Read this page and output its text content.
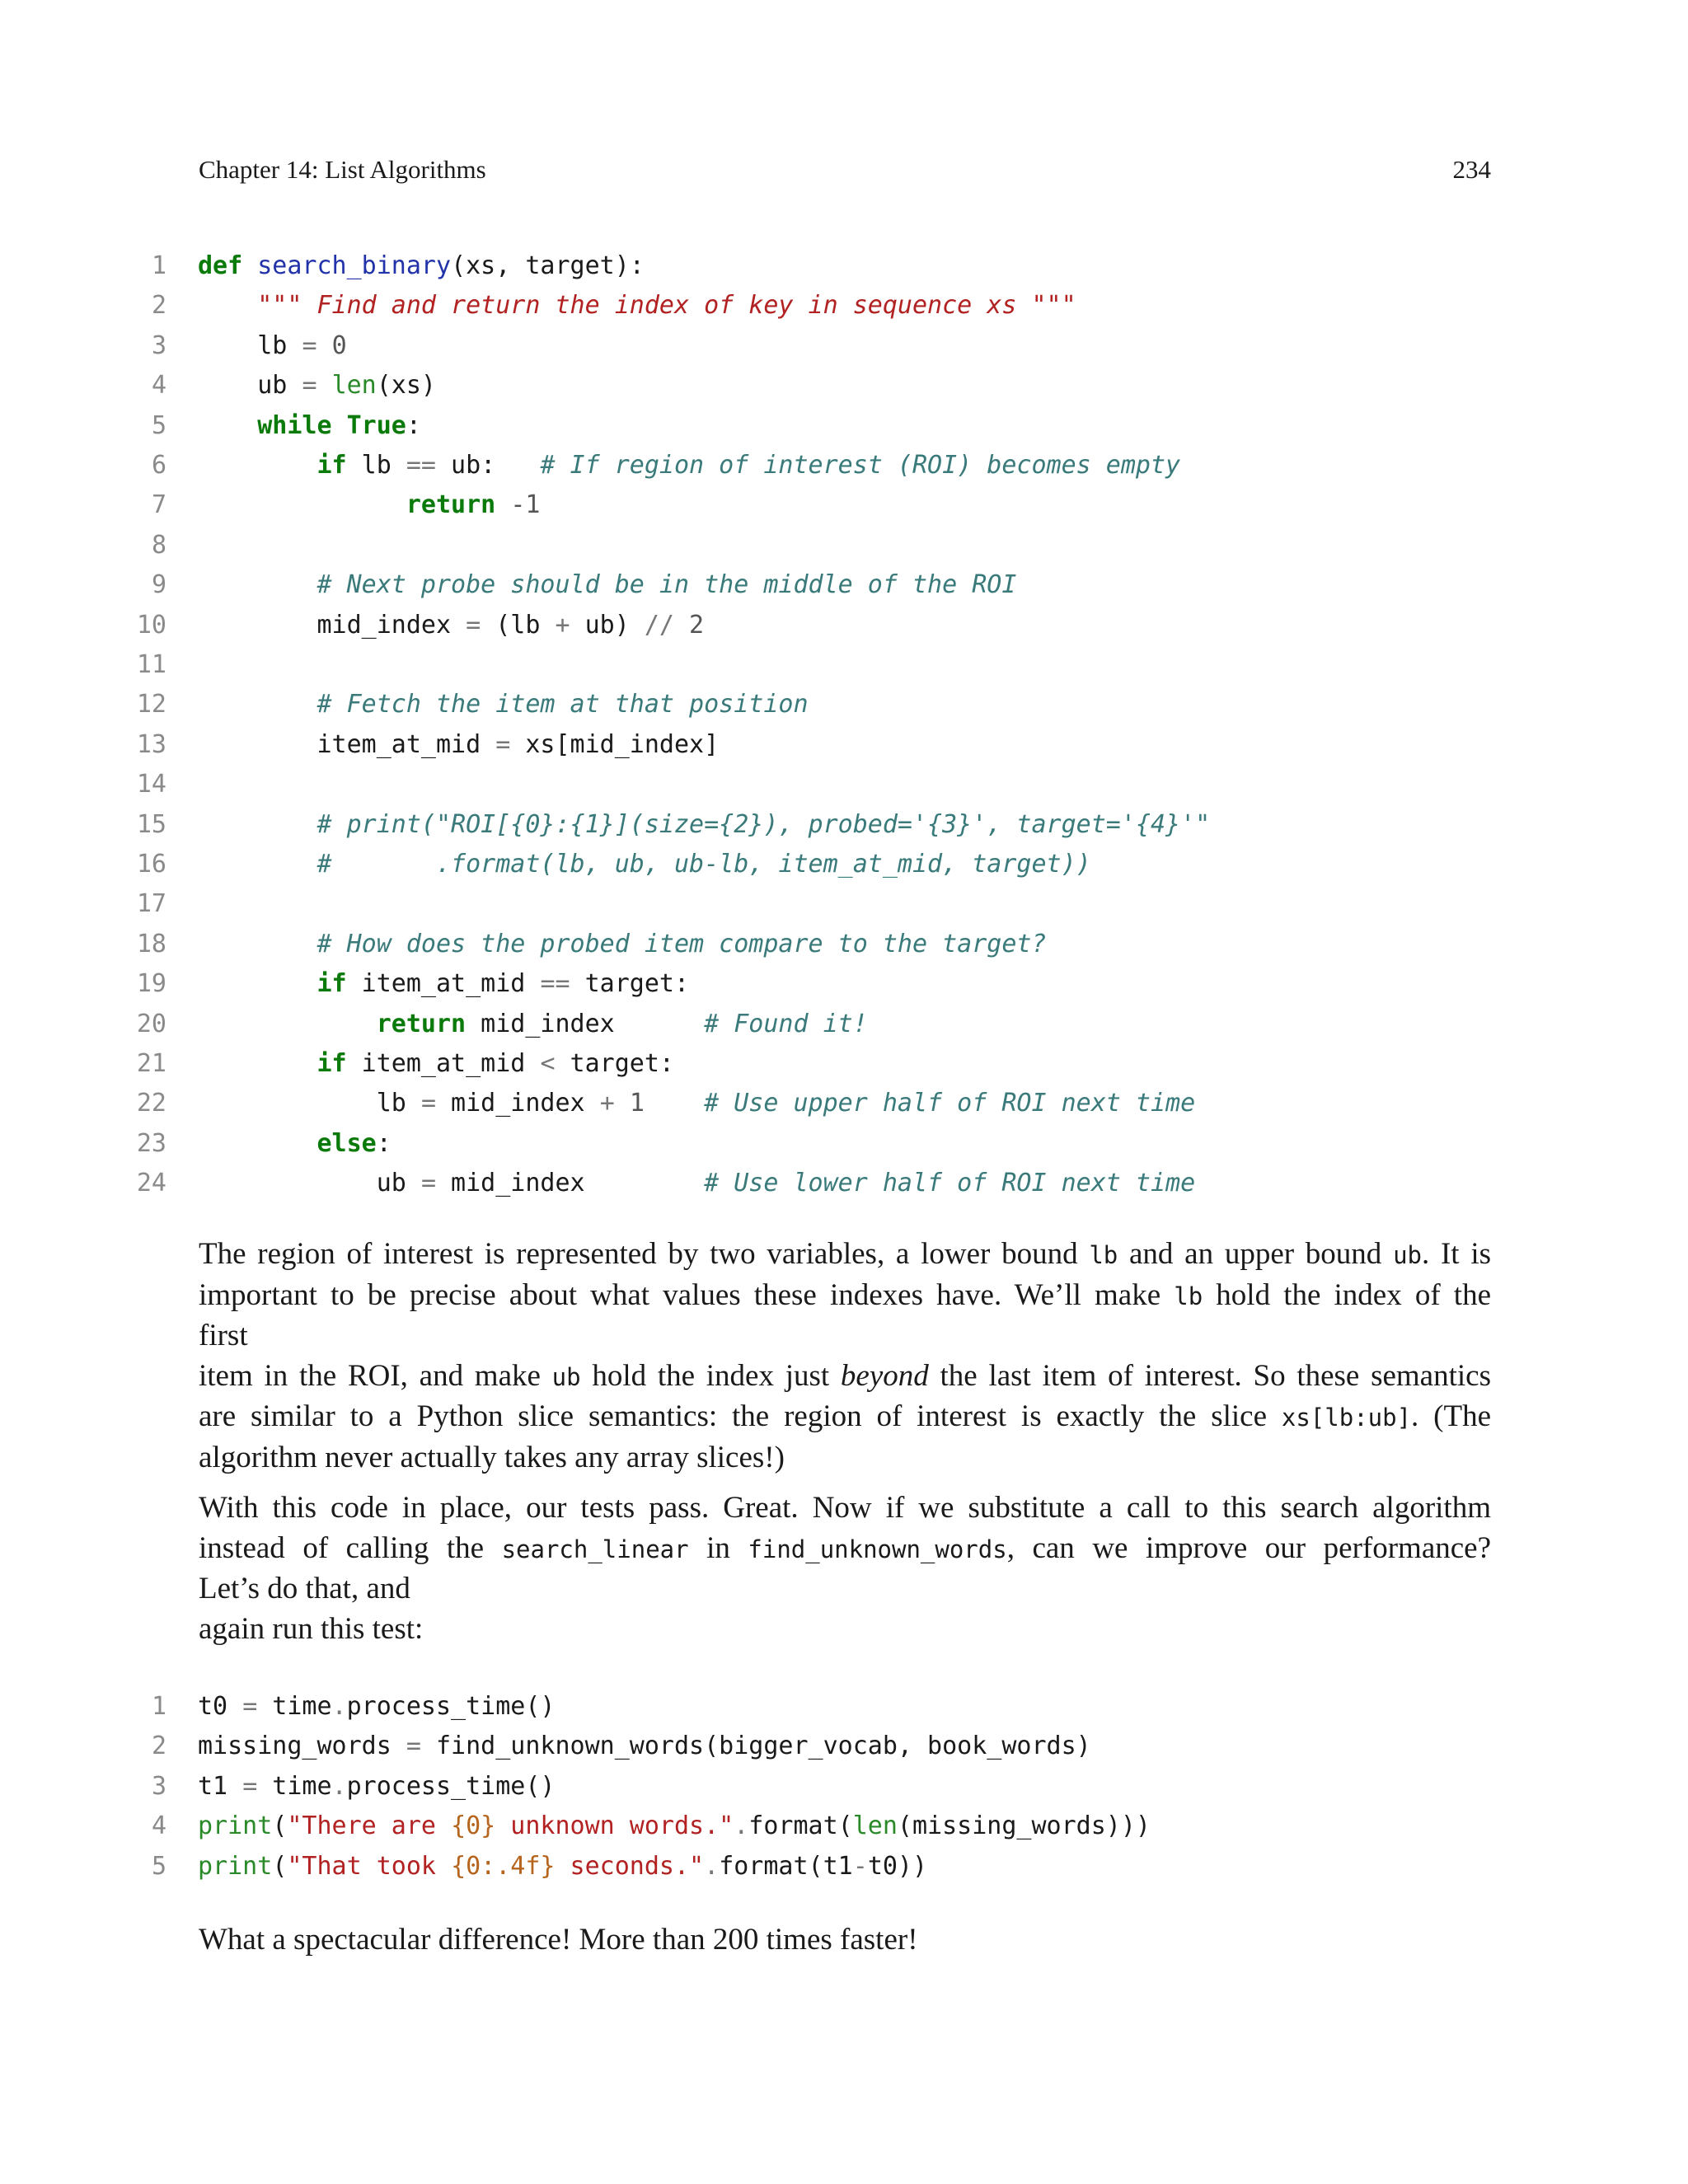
Chapter 14: List Algorithms	234
1 def search_binary(xs, target):
2	""" Find and return the index of key in sequence xs """
3 lb = 0
4 ub = len(xs)
5	while True:
6	if lb == ub:   # If region of interest (ROI) becomes empty
7	return -1
8
9	# Next probe should be in the middle of the ROI
10 mid_index = (lb + ub) // 2
11
12	# Fetch the item at that position
13 item_at_mid = xs[mid_index]
14
15	# print("ROI[{0}:{1}](size={2}), probed='{3}', target='{4}'"
16	#       .format(lb, ub, ub-lb, item_at_mid, target))
17
18	# How does the probed item compare to the target?
19	if item_at_mid == target:
20	return mid_index      # Found it!
21	if item_at_mid < target:
22 lb = mid_index + 1 # Use upper half of ROI next time
23	else:
24 ub = mid_index        # Use lower half of ROI next time
The region of interest is represented by two variables, a lower bound lb and an upper bound ub. It is
important to be precise about what values these indexes have. We’ll make lb hold the index of the
first
item in the ROI, and make ub hold the index just beyond the last item of interest. So these semantics
are similar to a Python slice semantics: the region of interest is exactly the slice xs[lb:ub]. (The
algorithm never actually takes any array slices!)
With this code in place, our tests pass. Great. Now if we substitute a call to this search algorithm
instead of calling the search_linear in find_unknown_words, can we improve our performance?
Let’s do that, and
again run this test:
1 t0 = time.process_time()
2 missing_words = find_unknown_words(bigger_vocab, book_words)
3 t1 = time.process_time()
4 print("There are {0} unknown words.".format(len(missing_words)))
5 print("That took {0:.4f} seconds.".format(t1-t0))
What a spectacular difference! More than 200 times faster!
